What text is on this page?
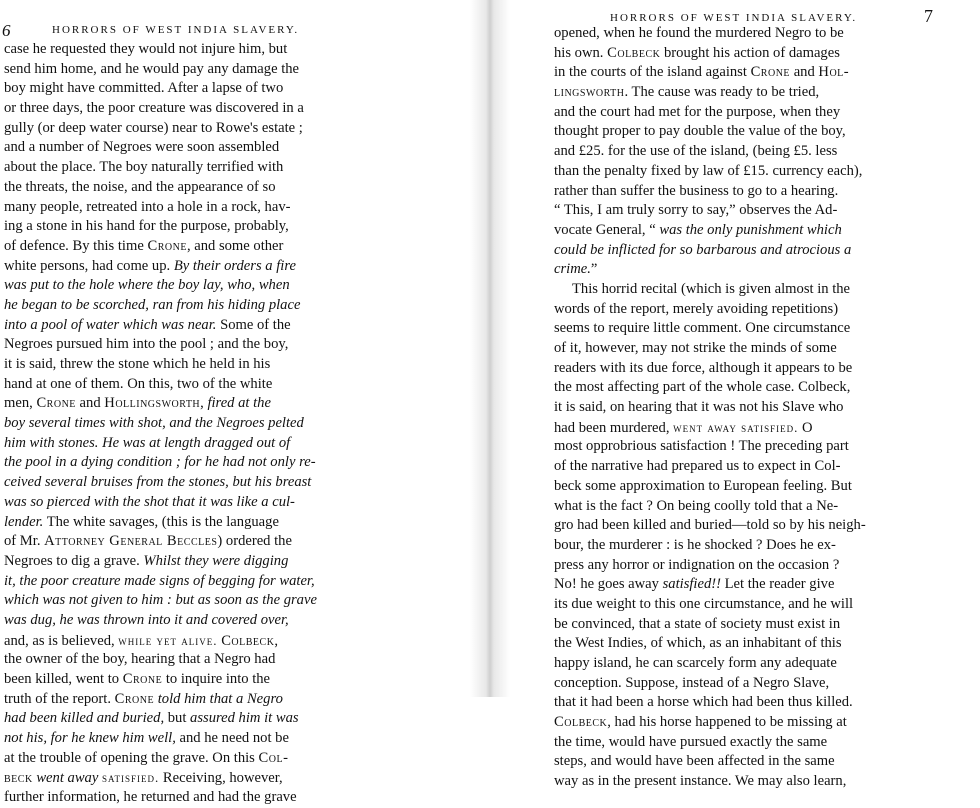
6	HORRORS OF WEST INDIA SLAVERY.
case he requested they would not injure him, but
send him home, and he would pay any damage the
boy might have committed. After a lapse of two
or three days, the poor creature was discovered in a
gully (or deep water course) near to Rowe's estate ;
and a number of Negroes were soon assembled
about the place. The boy naturally terrified with
the threats, the noise, and the appearance of so
many people, retreated into a hole in a rock, hav-
ing a stone in his hand for the purpose, probably,
of defence. By this time Crone, and some other
white persons, had come up. By their orders a fire
was put to the hole where the boy lay, who, when
he began to be scorched, ran from his hiding place
into a pool of water which was near. Some of the
Negroes pursued him into the pool ; and the boy,
it is said, threw the stone which he held in his
hand at one of them. On this, two of the white
men, Crone and Hollingsworth, fired at the
boy several times with shot, and the Negroes pelted
him with stones. He was at length dragged out of
the pool in a dying condition ; for he had not only re-
ceived several bruises from the stones, but his breast
was so pierced with the shot that it was like a cul-
lender. The white savages, (this is the language
of Mr. Attorney General Beccles) ordered the
Negroes to dig a grave. Whilst they were digging
it, the poor creature made signs of begging for water,
which was not given to him : but as soon as the grave
was dug, he was thrown into it and covered over,
and, as is believed, while yet alive. Colbeck,
the owner of the boy, hearing that a Negro had
been killed, went to Crone to inquire into the
truth of the report. Crone told him that a Negro
had been killed and buried, but assured him it was
not his, for he knew him well, and he need not be
at the trouble of opening the grave. On this Col-
beck went away satisfied. Receiving, however,
further information, he returned and had the grave
HORRORS OF WEST INDIA SLAVERY.	7
opened, when he found the murdered Negro to be
his own. Colbeck brought his action of damages
in the courts of the island against Crone and Hol-
lingsworth. The cause was ready to be tried,
and the court had met for the purpose, when they
thought proper to pay double the value of the boy,
and £25. for the use of the island, (being £5. less
than the penalty fixed by law of £15. currency each),
rather than suffer the business to go to a hearing.
“ This, I am truly sorry to say,” observes the Ad-
vocate General, “ was the only punishment which
could be inflicted for so barbarous and atrocious a
crime.”
This horrid recital (which is given almost in the
words of the report, merely avoiding repetitions)
seems to require little comment. One circumstance
of it, however, may not strike the minds of some
readers with its due force, although it appears to be
the most affecting part of the whole case. Colbeck,
it is said, on hearing that it was not his Slave who
had been murdered, went away satisfied. O
most opprobrious satisfaction ! The preceding part
of the narrative had prepared us to expect in Col-
beck some approximation to European feeling. But
what is the fact ? On being coolly told that a Ne-
gro had been killed and buried—told so by his neigh-
bour, the murderer : is he shocked ? Does he ex-
press any horror or indignation on the occasion ?
No! he goes away satisfied!! Let the reader give
its due weight to this one circumstance, and he will
be convinced, that a state of society must exist in
the West Indies, of which, as an inhabitant of this
happy island, he can scarcely form any adequate
conception. Suppose, instead of a Negro Slave,
that it had been a horse which had been thus killed.
Colbeck, had his horse happened to be missing at
the time, would have pursued exactly the same
steps, and would have been affected in the same
way as in the present instance. We may also learn,
